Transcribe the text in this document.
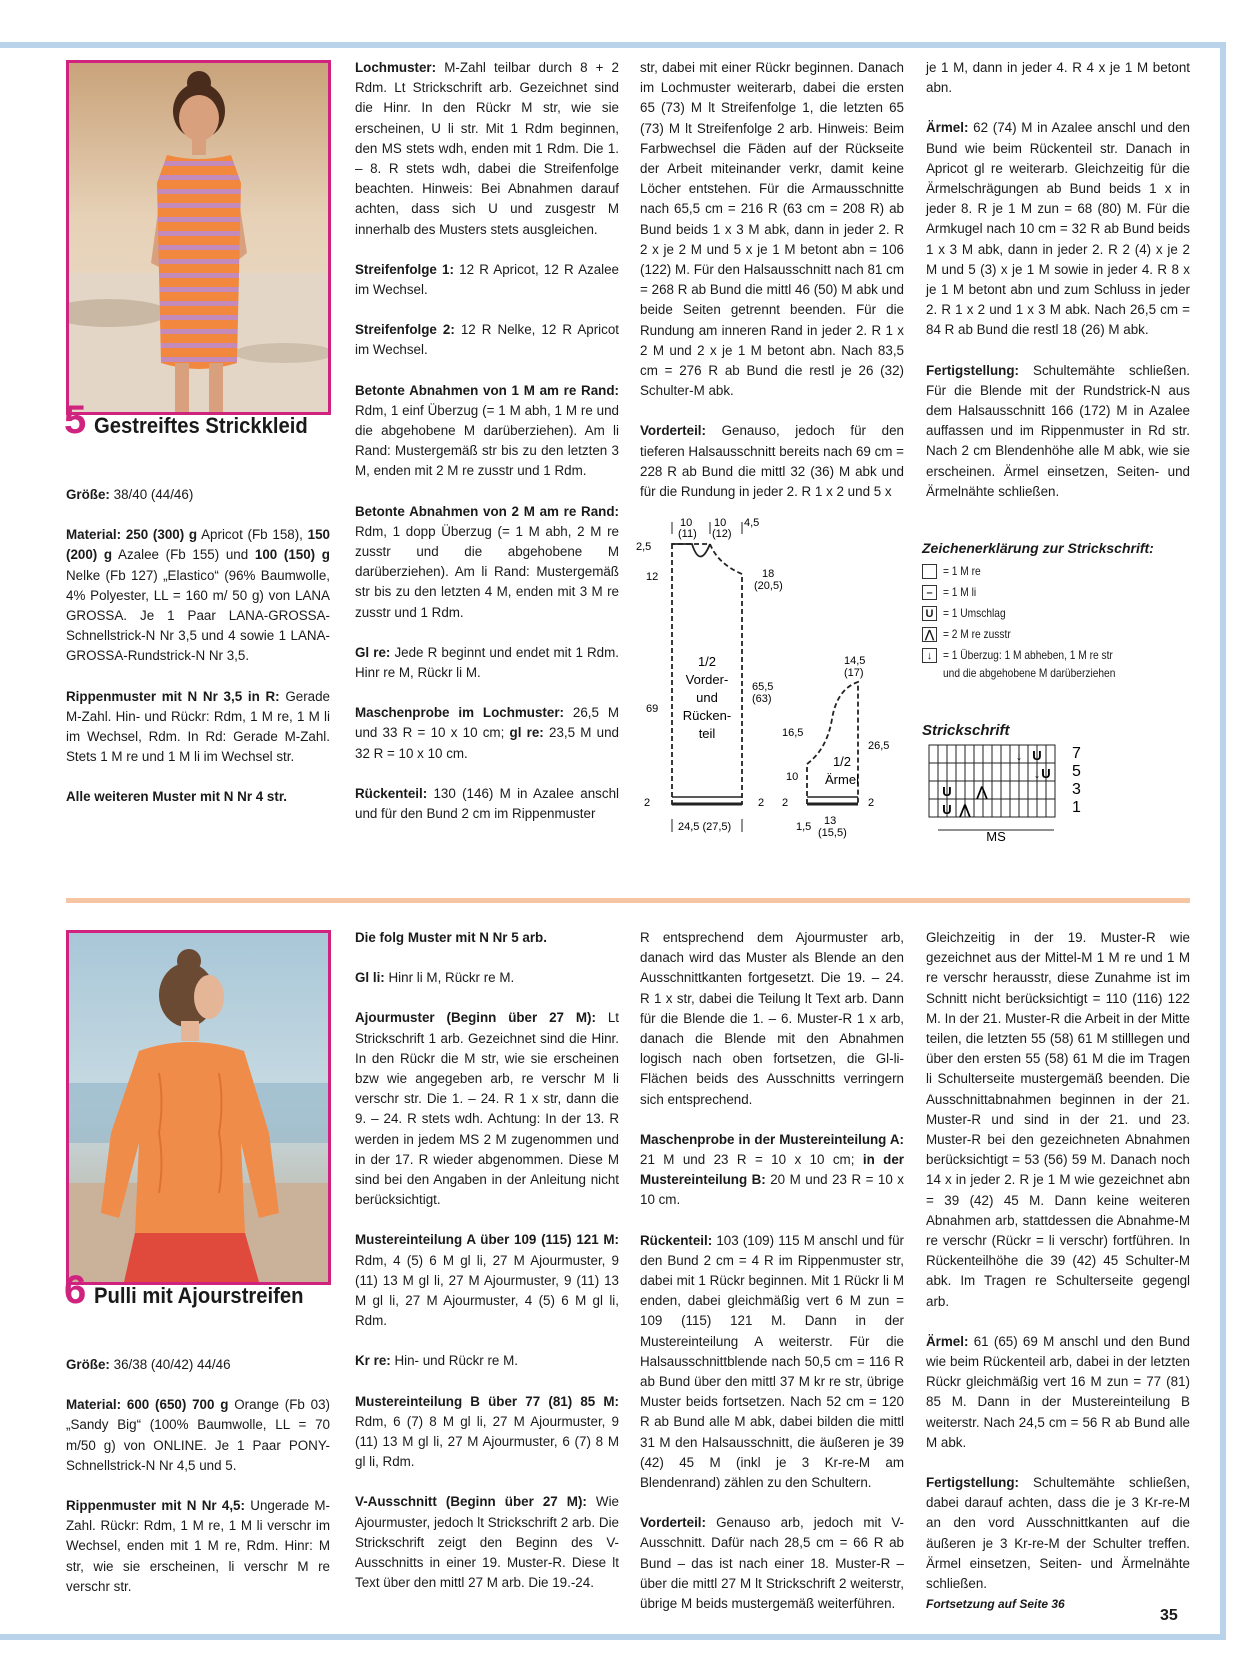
5 Gestreiftes Strickkleid

Größe: 38/40 (44/46)

Material: 250 (300) g Apricot (Fb 158), 150 (200) g Azalee (Fb 155) und 100 (150) g Nelke (Fb 127) „Elastico“ (96% Baumwolle, 4% Polyester, LL = 160 m/ 50 g) von LANA GROSSA. Je 1 Paar LANA-GROSSA-Schnellstrick-N Nr 3,5 und 4 sowie 1 LANA-GROSSA-Rundstrick-N Nr 3,5.

Rippenmuster mit N Nr 3,5 in R: Gerade M-Zahl. Hin- und Rückr: Rdm, 1 M re, 1 M li im Wechsel, Rdm. In Rd: Gerade M-Zahl. Stets 1 M re und 1 M li im Wechsel str.

Alle weiteren Muster mit N Nr 4 str.

Lochmuster: M-Zahl teilbar durch 8 + 2 Rdm. Lt Strickschrift arb. Gezeichnet sind die Hinr. In den Rückr M str, wie sie erscheinen, U li str. Mit 1 Rdm beginnen, den MS stets wdh, enden mit 1 Rdm. Die 1. – 8. R stets wdh, dabei die Streifenfolge beachten. Hinweis: Bei Abnahmen darauf achten, dass sich U und zusgestr M innerhalb des Musters stets ausgleichen.

Streifenfolge 1: 12 R Apricot, 12 R Azalee im Wechsel.

Streifenfolge 2: 12 R Nelke, 12 R Apricot im Wechsel.

Betonte Abnahmen von 1 M am re Rand: Rdm, 1 einf Überzug (= 1 M abh, 1 M re und die abgehobene M darüberziehen). Am li Rand: Mustergemäß str bis zu den letzten 3 M, enden mit 2 M re zusstr und 1 Rdm.

Betonte Abnahmen von 2 M am re Rand: Rdm, 1 dopp Überzug (= 1 M abh, 2 M re zusstr und die abgehobene M darüberziehen). Am li Rand: Mustergemäß str bis zu den letzten 4 M, enden mit 3 M re zusstr und 1 Rdm.

Gl re: Jede R beginnt und endet mit 1 Rdm. Hinr re M, Rückr li M.

Maschenprobe im Lochmuster: 26,5 M und 33 R = 10 x 10 cm; gl re: 23,5 M und 32 R = 10 x 10 cm.

Rückenteil: 130 (146) M in Azalee anschl und für den Bund 2 cm im Rippenmuster

str, dabei mit einer Rückr beginnen. Danach im Lochmuster weiterarb, dabei die ersten 65 (73) M lt Streifenfolge 1, die letzten 65 (73) M lt Streifenfolge 2 arb. Hinweis: Beim Farbwechsel die Fäden auf der Rückseite der Arbeit miteinander verkr, damit keine Löcher entstehen. Für die Armausschnitte nach 65,5 cm = 216 R (63 cm = 208 R) ab Bund beids 1 x 3 M abk, dann in jeder 2. R 2 x je 2 M und 5 x je 1 M betont abn = 106 (122) M. Für den Halsausschnitt nach 81 cm = 268 R ab Bund die mittl 46 (50) M abk und beide Seiten getrennt beenden. Für die Rundung am inneren Rand in jeder 2. R 1 x 2 M und 2 x je 1 M betont abn. Nach 83,5 cm = 276 R ab Bund die restl je 26 (32) Schulter-M abk.

Vorderteil: Genauso, jedoch für den tieferen Halsausschnitt bereits nach 69 cm = 228 R ab Bund die mittl 32 (36) M abk und für die Rundung in jeder 2. R 1 x 2 und 5 x

je 1 M, dann in jeder 4. R 4 x je 1 M betont abn.

Ärmel: 62 (74) M in Azalee anschl und den Bund wie beim Rückenteil str. Danach in Apricot gl re weiterarb. Gleichzeitig für die Ärmelschrägungen ab Bund beids 1 x in jeder 8. R je 1 M zun = 68 (80) M. Für die Armkugel nach 10 cm = 32 R ab Bund beids 1 x 3 M abk, dann in jeder 2. R 2 (4) x je 2 M und 5 (3) x je 1 M sowie in jeder 4. R 8 x je 1 M betont abn und zum Schluss in jeder 2. R 1 x 2 und 1 x 3 M abk. Nach 26,5 cm = 84 R ab Bund die restl 18 (26) M abk.

Fertigstellung: Schultemähte schließen. Für die Blende mit der Rundstrick-N aus dem Halsausschnitt 166 (172) M in Azalee auffassen und im Rippenmuster in Rd str. Nach 2 cm Blendenhöhe alle M abk, wie sie erscheinen. Ärmel einsetzen, Seiten- und Ärmelnähte schließen.

10
(11)
10
(12)
4,5
18
(20,5)
2,5
12
69
65,5
(63)
2	2
24,5 (27,5)
1/2
Vorder-
und
Rücken-
teil
14,5
(17)
16,5
26,5
10
2	2
1,5 13
(15,5)
1/2
Ärmel
Zeichenerklärung zur Strickschrift:
= 1 M re
– = 1 M li
U = 1 Umschlag
⋀ = 2 M re zusstr
↓ = 1 Überzug: 1 M abheben, 1 M re str
und die abgehobene M darüberziehen
Strickschrift
U
U
U
U
↓
↓
⋀
⋀
7
5
3
1
MS
6 Pulli mit Ajourstreifen

Größe: 36/38 (40/42) 44/46

Material: 600 (650) 700 g Orange (Fb 03) „Sandy Big“ (100% Baumwolle, LL = 70 m/50 g) von ONLINE. Je 1 Paar PONY-Schnellstrick-N Nr 4,5 und 5.

Rippenmuster mit N Nr 4,5: Ungerade M-Zahl. Rückr: Rdm, 1 M re, 1 M li verschr im Wechsel, enden mit 1 M re, Rdm. Hinr: M str, wie sie erscheinen, li verschr M re verschr str.

Die folg Muster mit N Nr 5 arb.

Gl li: Hinr li M, Rückr re M.

Ajourmuster (Beginn über 27 M): Lt Strickschrift 1 arb. Gezeichnet sind die Hinr. In den Rückr die M str, wie sie erscheinen bzw wie angegeben arb, re verschr M li verschr str. Die 1. – 24. R 1 x str, dann die 9. – 24. R stets wdh. Achtung: In der 13. R werden in jedem MS 2 M zugenommen und in der 17. R wieder abgenommen. Diese M sind bei den Angaben in der Anleitung nicht berücksichtigt.

Mustereinteilung A über 109 (115) 121 M: Rdm, 4 (5) 6 M gl li, 27 M Ajourmuster, 9 (11) 13 M gl li, 27 M Ajourmuster, 9 (11) 13 M gl li, 27 M Ajourmuster, 4 (5) 6 M gl li, Rdm.

Kr re: Hin- und Rückr re M.

Mustereinteilung B über 77 (81) 85 M: Rdm, 6 (7) 8 M gl li, 27 M Ajourmuster, 9 (11) 13 M gl li, 27 M Ajourmuster, 6 (7) 8 M gl li, Rdm.

V-Ausschnitt (Beginn über 27 M): Wie Ajourmuster, jedoch lt Strickschrift 2 arb. Die Strickschrift zeigt den Beginn des V-Ausschnitts in einer 19. Muster-R. Diese lt Text über den mittl 27 M arb. Die 19.-24.

R entsprechend dem Ajourmuster arb, danach wird das Muster als Blende an den Ausschnittkanten fortgesetzt. Die 19. – 24. R 1 x str, dabei die Teilung lt Text arb. Dann für die Blende die 1. – 6. Muster-R 1 x arb, danach die Blende mit den Abnahmen logisch nach oben fortsetzen, die Gl-li-Flächen beids des Ausschnitts verringern sich entsprechend.

Maschenprobe in der Mustereinteilung A: 21 M und 23 R = 10 x 10 cm; in der Mustereinteilung B: 20 M und 23 R = 10 x 10 cm.

Rückenteil: 103 (109) 115 M anschl und für den Bund 2 cm = 4 R im Rippenmuster str, dabei mit 1 Rückr beginnen. Mit 1 Rückr li M enden, dabei gleichmäßig vert 6 M zun = 109 (115) 121 M. Dann in der Mustereinteilung A weiterstr. Für die Halsausschnittblende nach 50,5 cm = 116 R ab Bund über den mittl 37 M kr re str, übrige Muster beids fortsetzen. Nach 52 cm = 120 R ab Bund alle M abk, dabei bilden die mittl 31 M den Halsausschnitt, die äußeren je 39 (42) 45 M (inkl je 3 Kr-re-M am Blendenrand) zählen zu den Schultern.

Vorderteil: Genauso arb, jedoch mit V-Ausschnitt. Dafür nach 28,5 cm = 66 R ab Bund – das ist nach einer 18. Muster-R – über die mittl 27 M lt Strickschrift 2 weiterstr, übrige M beids mustergemäß weiterführen.

Gleichzeitig in der 19. Muster-R wie gezeichnet aus der Mittel-M 1 M re und 1 M re verschr herausstr, diese Zunahme ist im Schnitt nicht berücksichtigt = 110 (116) 122 M. In der 21. Muster-R die Arbeit in der Mitte teilen, die letzten 55 (58) 61 M stilllegen und über den ersten 55 (58) 61 M die im Tragen li Schulterseite mustergemäß beenden. Die Ausschnittabnahmen beginnen in der 21. Muster-R und sind in der 21. und 23. Muster-R bei den gezeichneten Abnahmen berücksichtigt = 53 (56) 59 M. Danach noch 14 x in jeder 2. R je 1 M wie gezeichnet abn = 39 (42) 45 M. Dann keine weiteren Abnahmen arb, stattdessen die Abnahme-M re verschr (Rückr = li verschr) fortführen. In Rückenteilhöhe die 39 (42) 45 Schulter-M abk. Im Tragen re Schulterseite gegengl arb.

Ärmel: 61 (65) 69 M anschl und den Bund wie beim Rückenteil arb, dabei in der letzten Rückr gleichmäßig vert 16 M zun = 77 (81) 85 M. Dann in der Mustereinteilung B weiterstr. Nach 24,5 cm = 56 R ab Bund alle M abk.

Fertigstellung: Schultemähte schließen, dabei darauf achten, dass die je 3 Kr-re-M an den vord Ausschnittkanten auf die äußeren je 3 Kr-re-M der Schulter treffen. Ärmel einsetzen, Seiten- und Ärmelnähte schließen.

Fortsetzung auf Seite 36
35
